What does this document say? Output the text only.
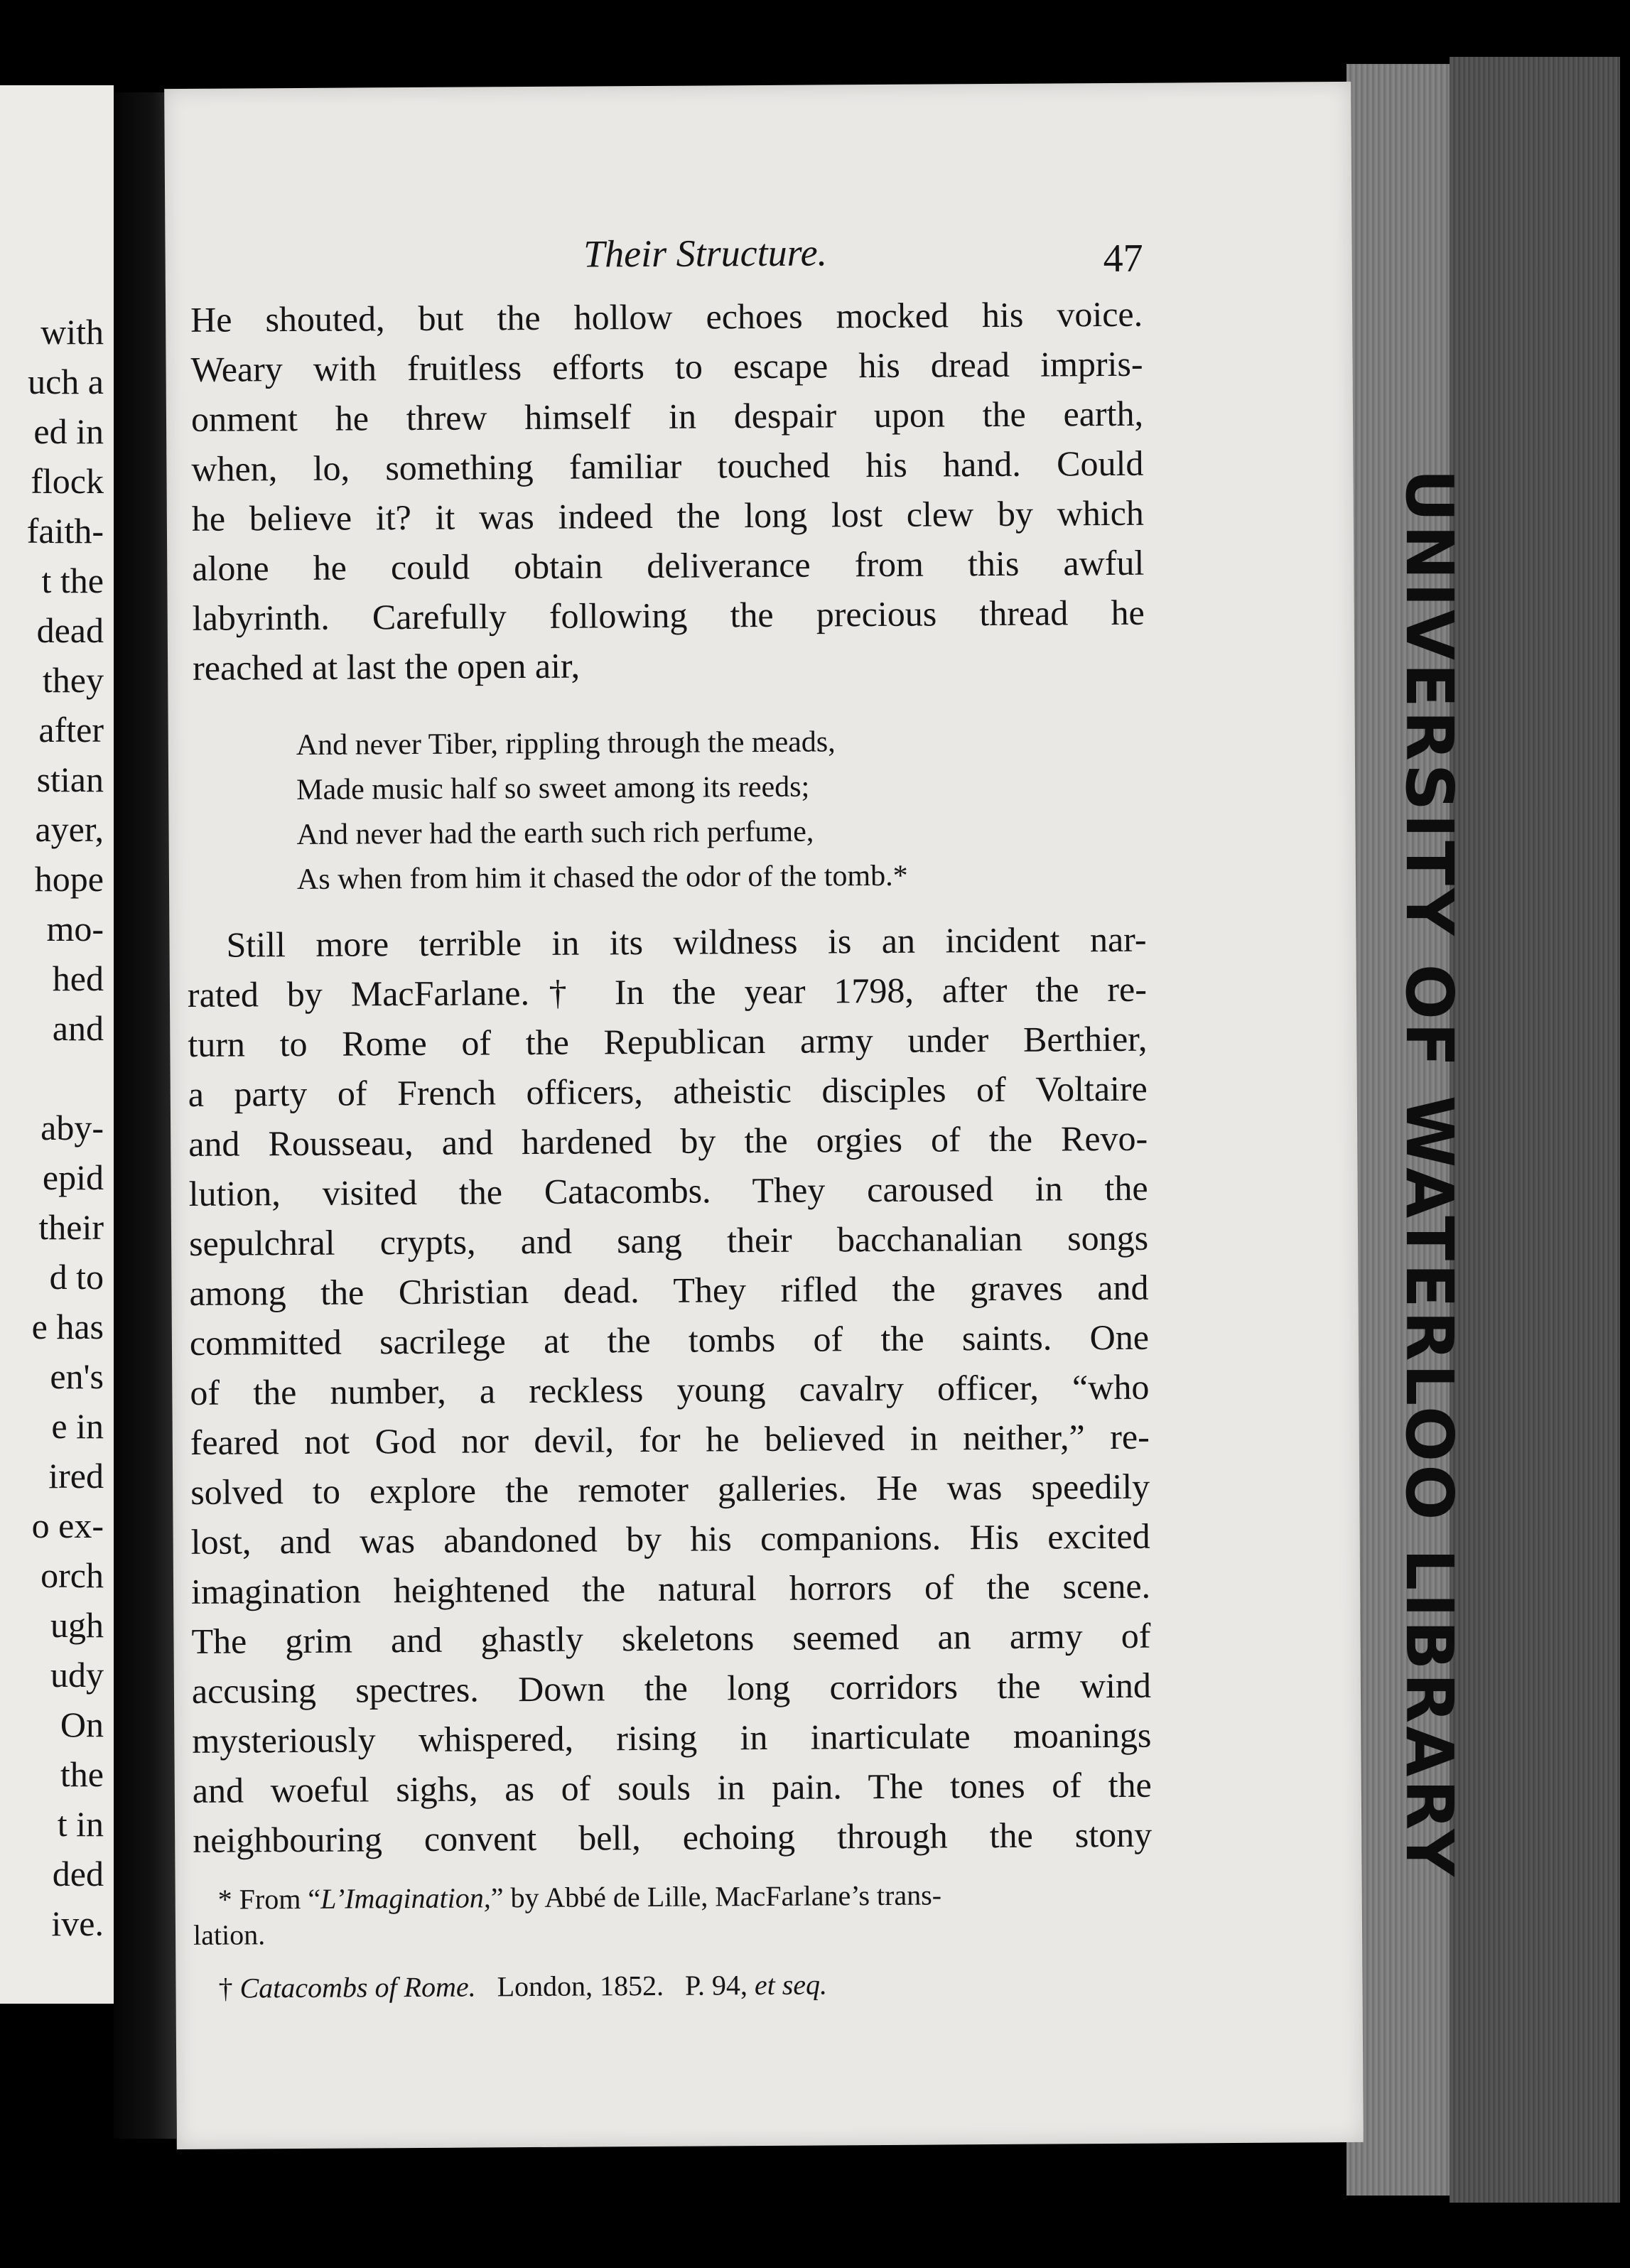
with
uch a
ed in
flock
faith-
t the
dead
they
after
stian
ayer,
hope
mo-
hed
and
aby-
epid
their
d to
e has
en's
e in
ired
o ex-
orch
ugh
udy
On
the
t in
ded
ive.
UNIVERSITY OF WATERLOO LIBRARY
Their Structure.	47
He shouted, but the hollow echoes mocked his voice.
Weary with fruitless efforts to escape his dread impris-
onment he threw himself in despair upon the earth,
when, lo, something familiar touched his hand. Could
he believe it? it was indeed the long lost clew by which
alone he could obtain deliverance from this awful
labyrinth. Carefully following the precious thread he
reached at last the open air,
And never Tiber, rippling through the meads,
Made music half so sweet among its reeds;
And never had the earth such rich perfume,
As when from him it chased the odor of the tomb.*
Still more terrible in its wildness is an incident nar-
rated by MacFarlane.† In the year 1798, after the re-
turn to Rome of the Republican army under Berthier,
a party of French officers, atheistic disciples of Voltaire
and Rousseau, and hardened by the orgies of the Revo-
lution, visited the Catacombs. They caroused in the
sepulchral crypts, and sang their bacchanalian songs
among the Christian dead. They rifled the graves and
committed sacrilege at the tombs of the saints. One
of the number, a reckless young cavalry officer, “who
feared not God nor devil, for he believed in neither,” re-
solved to explore the remoter galleries. He was speedily
lost, and was abandoned by his companions. His excited
imagination heightened the natural horrors of the scene.
The grim and ghastly skeletons seemed an army of
accusing spectres. Down the long corridors the wind
mysteriously whispered, rising in inarticulate moanings
and woeful sighs, as of souls in pain. The tones of the
neighbouring convent bell, echoing through the stony
* From “L’Imagination,” by Abbé de Lille, MacFarlane’s trans-
lation.
† Catacombs of Rome. London, 1852. P. 94, et seq.
